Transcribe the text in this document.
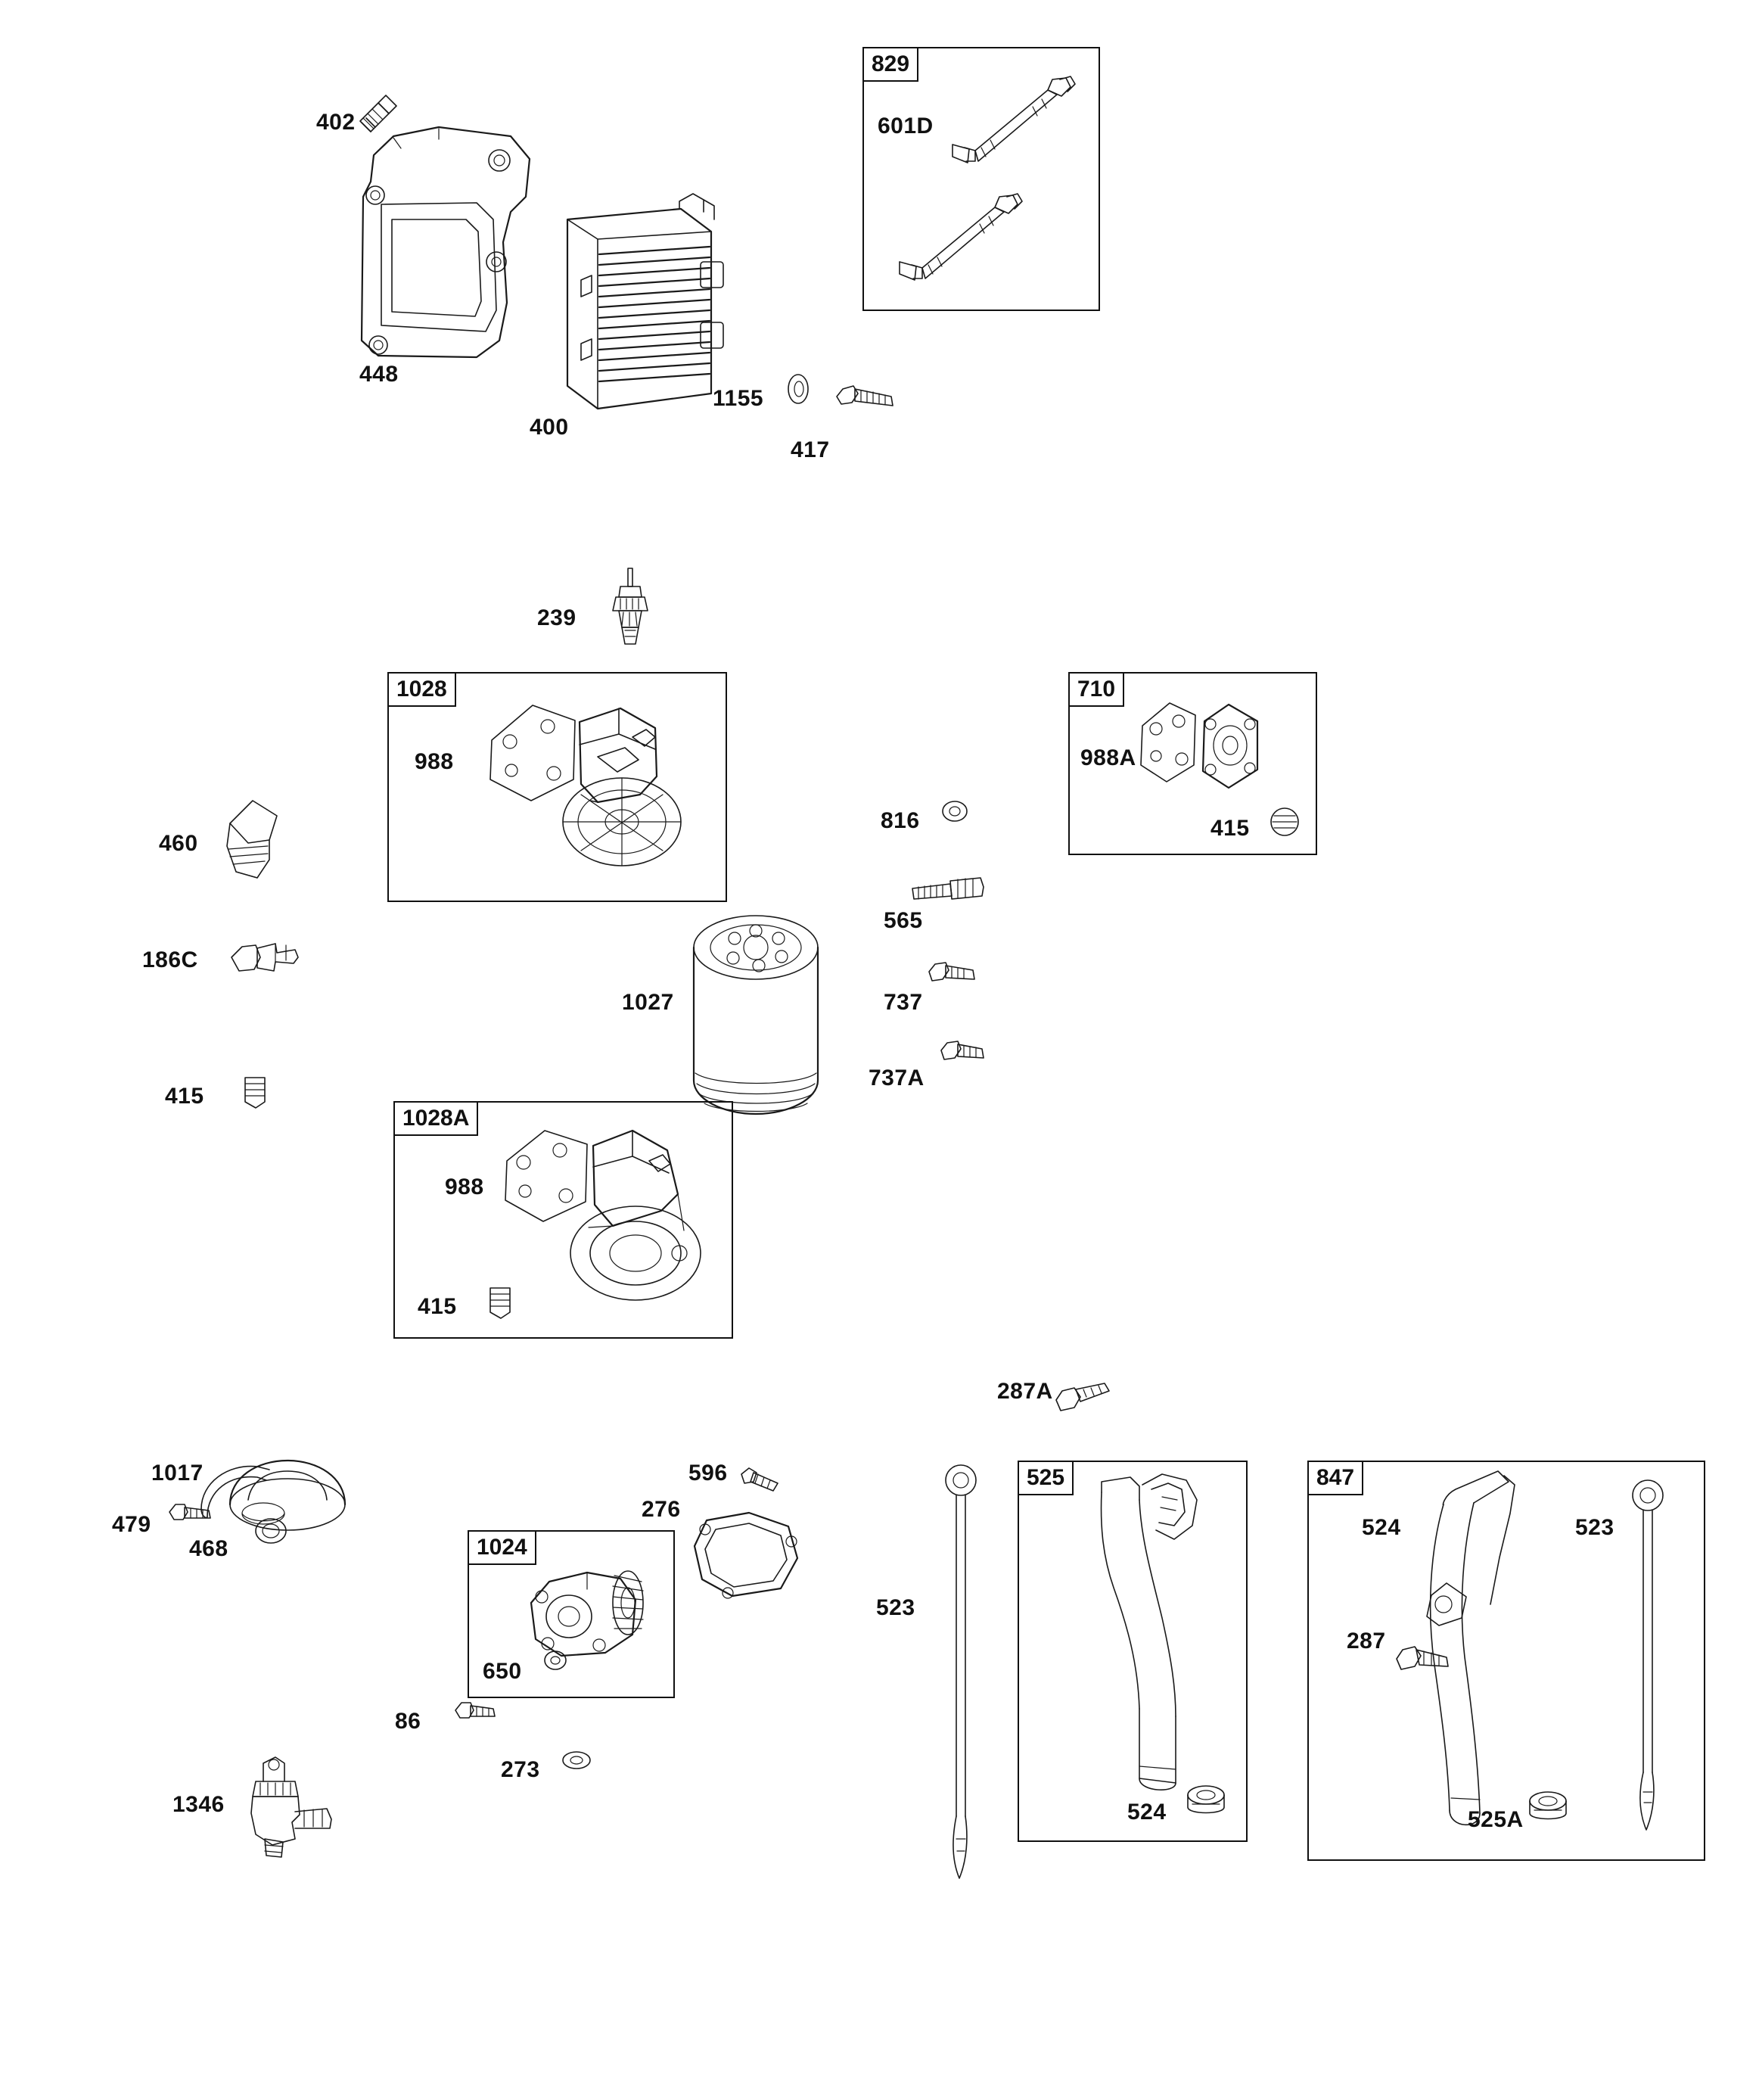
402
448
400
1155
417
829
601D
239
1028
988
710
988A
415
460
186C
415
816
565
1027	737
737A
1028A
988
415
1017
479
468	1024
650
86
273
596
276
1346
287A
523
525
524
847
524
287
523
525A
